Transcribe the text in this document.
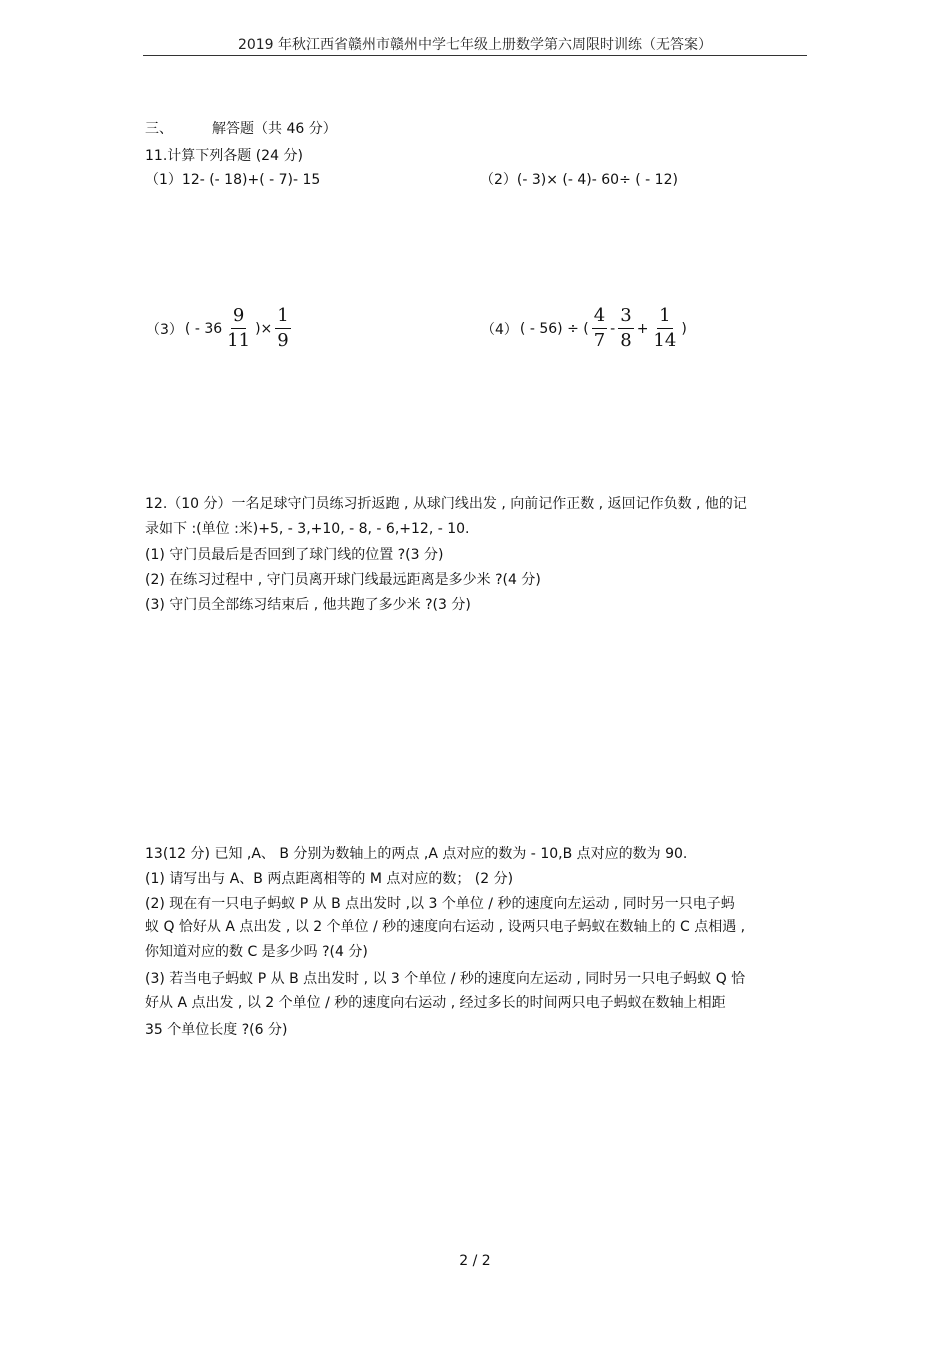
2019 年秋江西省赣州市赣州中学七年级上册数学第六周限时训练（无答案）
三、	解答题（共 46 分）
11.计算下列各题 (24 分)
（1）12- (- 18)+( - 7)- 15	（2）(- 3)× (- 4)- 60÷ ( - 12)
（3） ( - $36 \frac{9}{11}$ )× $\frac{1}{9}$	（4） ( - 56) ÷ ( $\frac{4}{7} - \frac{3}{8} + \frac{1}{14}$ )
12.（10 分）一名足球守门员练习折返跑 , 从球门线出发 , 向前记作正数 , 返回记作负数 , 他的记
录如下 :(单位 :米)+5, - 3,+10, - 8, - 6,+12, - 10.
(1) 守门员最后是否回到了球门线的位置 ?(3 分)
(2) 在练习过程中 , 守门员离开球门线最远距离是多少米 ?(4 分)
(3) 守门员全部练习结束后 , 他共跑了多少米 ?(3 分)
13(12 分) 已知 ,A、 B 分别为数轴上的两点 ,A 点对应的数为 - 10,B 点对应的数为 90.
(1) 请写出与 A、B 两点距离相等的 M 点对应的数； (2 分)
(2) 现在有一只电子蚂蚁 P 从 B 点出发时 ,以 3 个单位 / 秒的速度向左运动 , 同时另一只电子蚂
蚁 Q 恰好从 A 点出发 , 以 2 个单位 / 秒的速度向右运动 , 设两只电子蚂蚁在数轴上的 C 点相遇 ,
你知道对应的数 C 是多少吗 ?(4 分)
(3) 若当电子蚂蚁 P 从 B 点出发时 , 以 3 个单位 / 秒的速度向左运动 , 同时另一只电子蚂蚁 Q 恰
好从 A 点出发 , 以 2 个单位 / 秒的速度向右运动 , 经过多长的时间两只电子蚂蚁在数轴上相距
35 个单位长度 ?(6 分)
2 / 2
